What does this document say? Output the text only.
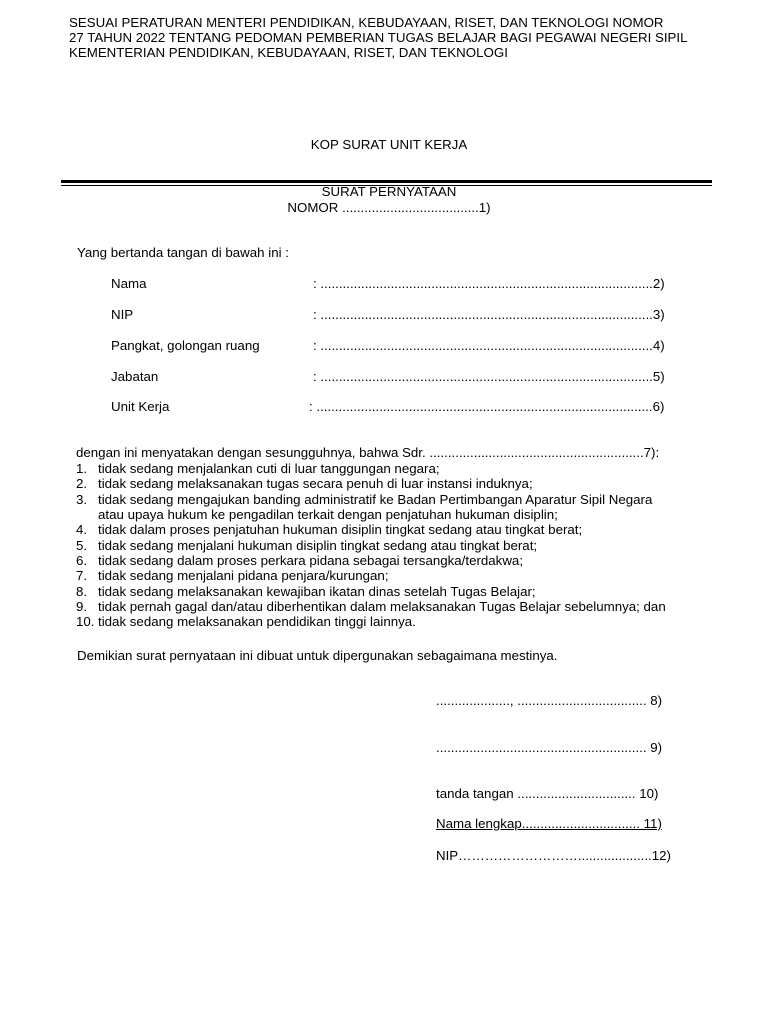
SESUAI PERATURAN MENTERI PENDIDIKAN, KEBUDAYAAN, RISET, DAN TEKNOLOGI NOMOR
27 TAHUN 2022 TENTANG PEDOMAN PEMBERIAN TUGAS BELAJAR BAGI PEGAWAI NEGERI SIPIL
KEMENTERIAN PENDIDIKAN, KEBUDAYAAN, RISET, DAN TEKNOLOGI
KOP SURAT UNIT KERJA
SURAT PERNYATAAN
NOMOR .....................................1)
Yang bertanda tangan di bawah ini :
Nama	: ..........................................................................................2)
NIP	: ..........................................................................................3)
Pangkat, golongan ruang	: ..........................................................................................4)
Jabatan	: ..........................................................................................5)
Unit Kerja	: ...........................................................................................6)
dengan ini menyatakan dengan sesungguhnya, bahwa Sdr. ..........................................................7):
1. tidak sedang menjalankan cuti di luar tanggungan negara;
2. tidak sedang melaksanakan tugas secara penuh di luar instansi induknya;
3. tidak sedang mengajukan banding administratif ke Badan Pertimbangan Aparatur Sipil Negara
atau upaya hukum ke pengadilan terkait dengan penjatuhan hukuman disiplin;
4. tidak dalam proses penjatuhan hukuman disiplin tingkat sedang atau tingkat berat;
5. tidak sedang menjalani hukuman disiplin tingkat sedang atau tingkat berat;
6. tidak sedang dalam proses perkara pidana sebagai tersangka/terdakwa;
7. tidak sedang menjalani pidana penjara/kurungan;
8. tidak sedang melaksanakan kewajiban ikatan dinas setelah Tugas Belajar;
9. tidak pernah gagal dan/atau diberhentikan dalam melaksanakan Tugas Belajar sebelumnya; dan
10. tidak sedang melaksanakan pendidikan tinggi lainnya.
Demikian surat pernyataan ini dibuat untuk dipergunakan sebagaimana mestinya.
...................., ................................... 8)
......................................................... 9)
tanda tangan ................................ 10)
Nama lengkap................................ 11)
NIP………………………....................12)
